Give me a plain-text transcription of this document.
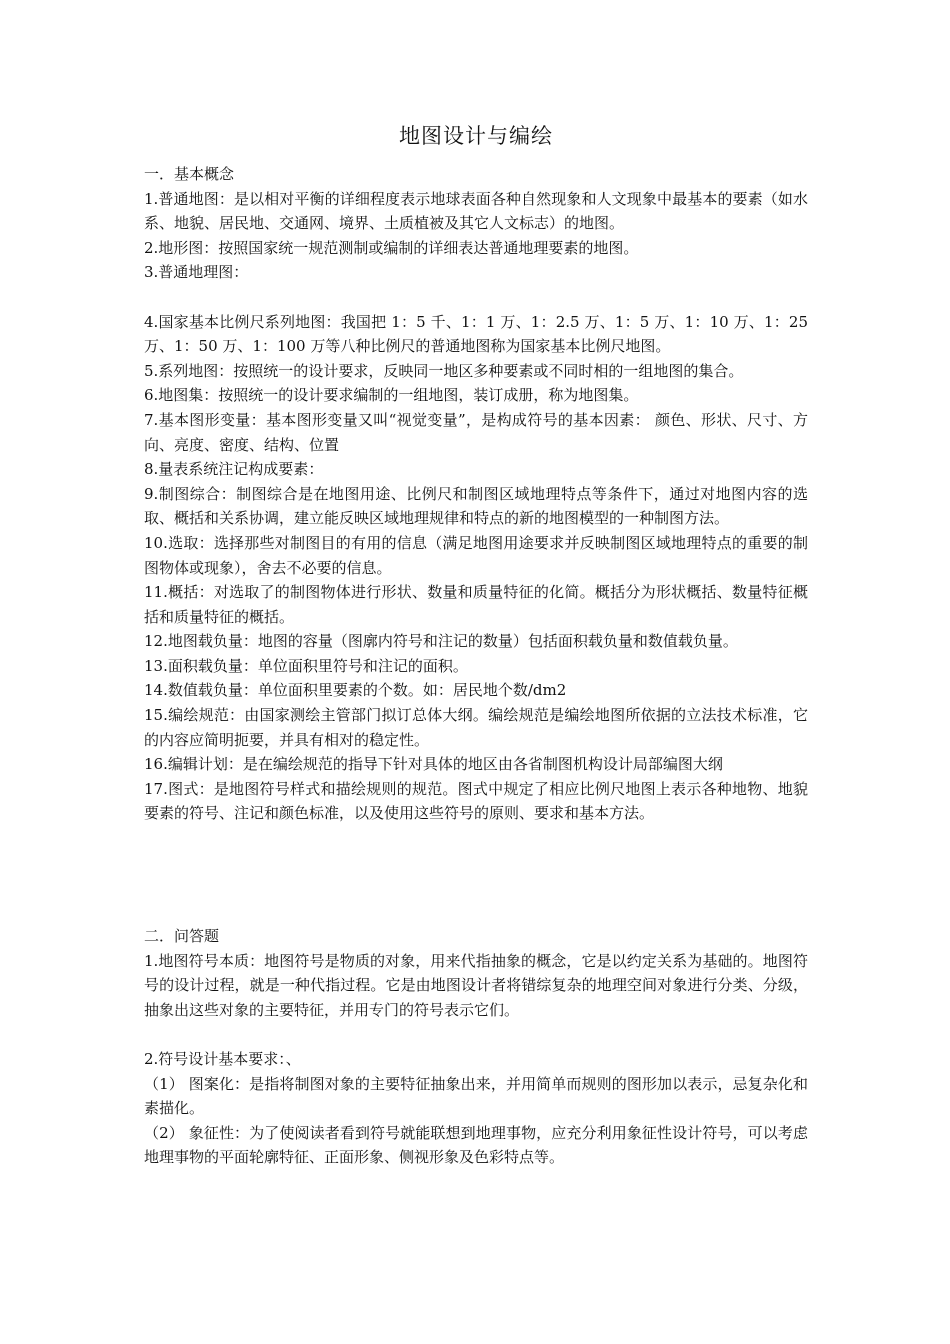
地图设计与编绘

一．基本概念

1.普通地图：是以相对平衡的详细程度表示地球表面各种自然现象和人文现象中最基本的要素（如水系、地貌、居民地、交通网、境界、土质植被及其它人文标志）的地图。

2.地形图：按照国家统一规范测制或编制的详细表达普通地理要素的地图。

3.普通地理图：

4.国家基本比例尺系列地图：我国把 1：5 千、1：1 万、1：2.5 万、1：5 万、1：10 万、1：25 万、1：50 万、1：100 万等八种比例尺的普通地图称为国家基本比例尺地图。

5.系列地图：按照统一的设计要求，反映同一地区多种要素或不同时相的一组地图的集合。

6.地图集：按照统一的设计要求编制的一组地图，装订成册，称为地图集。

7.基本图形变量：基本图形变量又叫“视觉变量”，是构成符号的基本因素： 颜色、形状、尺寸、方向、亮度、密度、结构、位置

8.量表系统注记构成要素：

9.制图综合：制图综合是在地图用途、比例尺和制图区域地理特点等条件下，通过对地图内容的选取、概括和关系协调，建立能反映区域地理规律和特点的新的地图模型的一种制图方法。

10.选取：选择那些对制图目的有用的信息（满足地图用途要求并反映制图区域地理特点的重要的制图物体或现象），舍去不必要的信息。

11.概括：对选取了的制图物体进行形状、数量和质量特征的化简。概括分为形状概括、数量特征概括和质量特征的概括。

12.地图载负量：地图的容量（图廓内符号和注记的数量）包括面积载负量和数值载负量。

13.面积载负量：单位面积里符号和注记的面积。

14.数值载负量：单位面积里要素的个数。如：居民地个数/dm2

15.编绘规范：由国家测绘主管部门拟订总体大纲。编绘规范是编绘地图所依据的立法技术标准，它的内容应简明扼要，并具有相对的稳定性。

16.编辑计划：是在编绘规范的指导下针对具体的地区由各省制图机构设计局部编图大纲

17.图式：是地图符号样式和描绘规则的规范。图式中规定了相应比例尺地图上表示各种地物、地貌要素的符号、注记和颜色标准，以及使用这些符号的原则、要求和基本方法。

二．问答题

1.地图符号本质：地图符号是物质的对象，用来代指抽象的概念，它是以约定关系为基础的。地图符号的设计过程，就是一种代指过程。它是由地图设计者将错综复杂的地理空间对象进行分类、分级，抽象出这些对象的主要特征，并用专门的符号表示它们。

2.符号设计基本要求：、

（1） 图案化：是指将制图对象的主要特征抽象出来，并用简单而规则的图形加以表示，忌复杂化和素描化。

（2） 象征性：为了使阅读者看到符号就能联想到地理事物，应充分利用象征性设计符号，可以考虑地理事物的平面轮廓特征、正面形象、侧视形象及色彩特点等。
